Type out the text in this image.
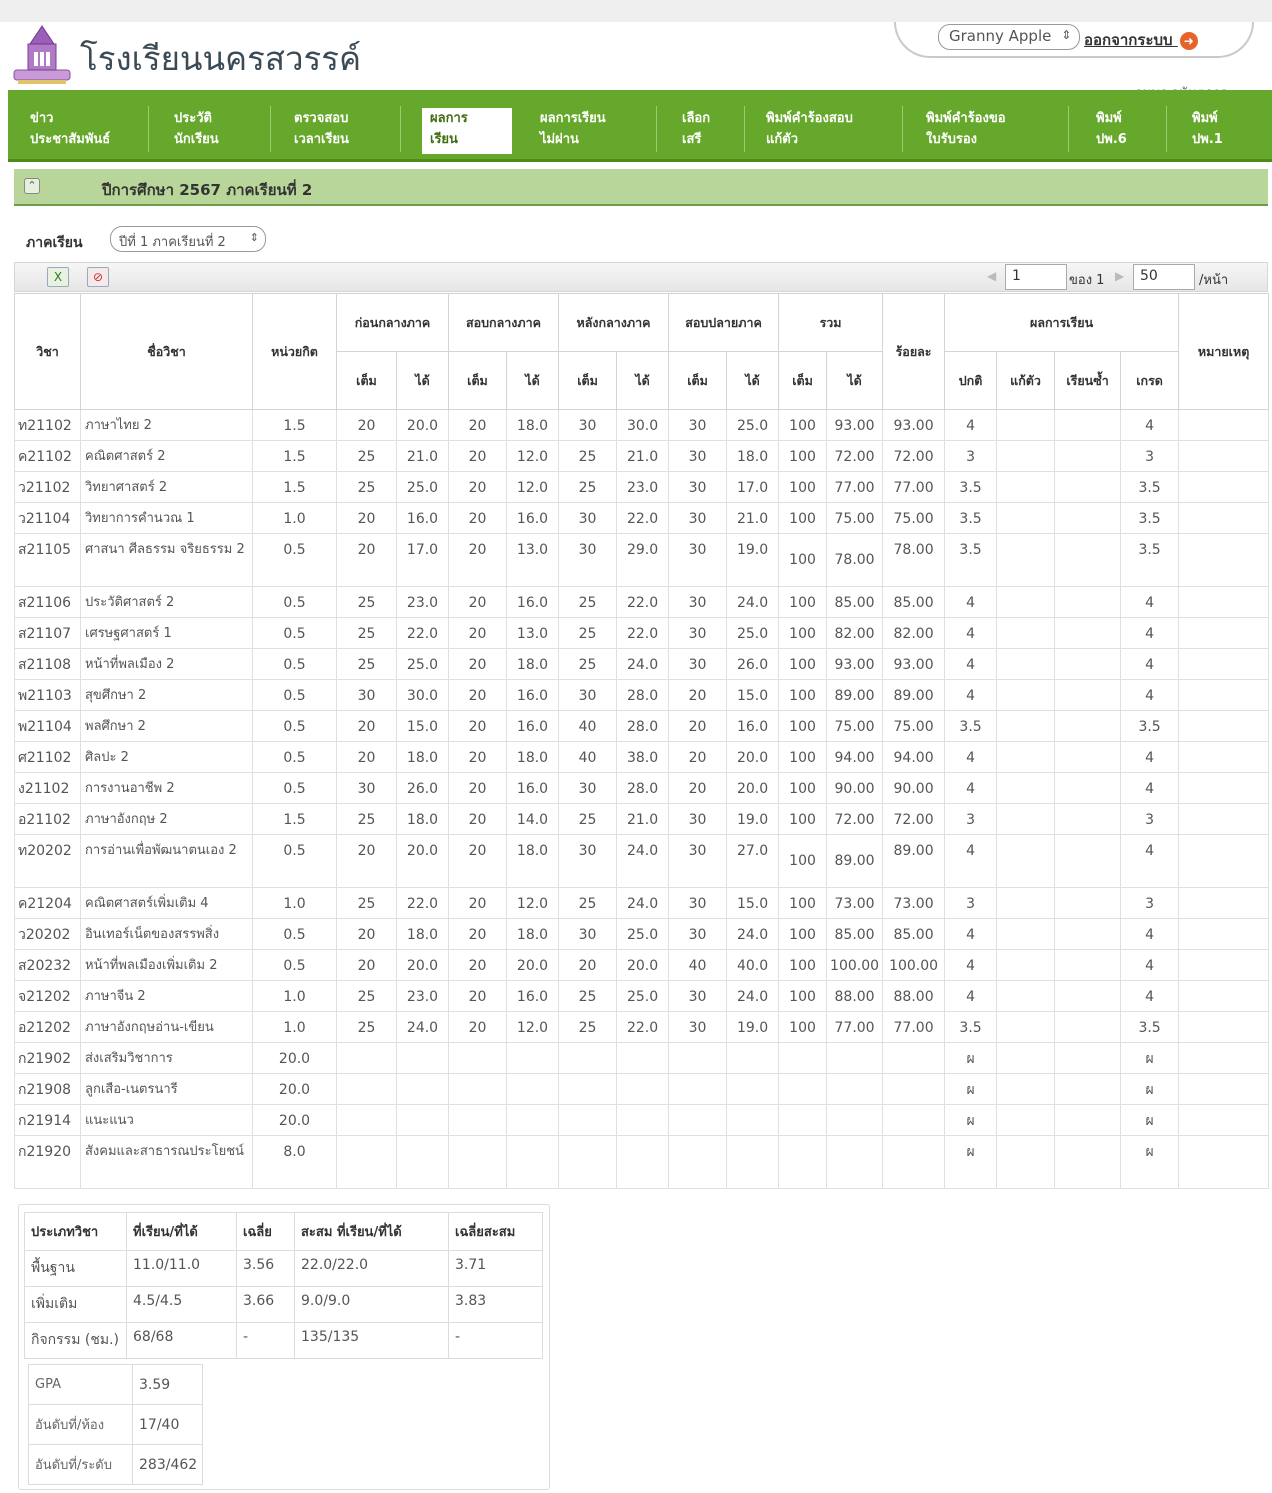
โรงเรียนนครสวรรค์
Granny Apple ⇕ ออกจากระบบ ➜
ข่าว
ประชาสัมพันธ์
ประวัติ
นักเรียน
ตรวจสอบ
เวลาเรียน
ผลการ
เรียน
ผลการเรียน
ไม่ผ่าน
เลือก
เสรี
พิมพ์คำร้องสอบ
แก้ตัว
พิมพ์คำร้องขอ
ใบรับรอง
พิมพ์
ปพ.6
พิมพ์
ปพ.1
⌃	ปีการศึกษา 2567 ภาคเรียนที่ 2
ภาคเรียน	ปีที่ 1 ภาคเรียนที่ 2 ⇕
X	⊘	◀	1	ของ 1 ▶	50	/หน้า
วิชา	ชื่อวิชา	หน่วยกิต	ก่อนกลางภาค		สอบกลางภาค		หลังกลางภาค		สอบปลายภาค		รวม		ร้อยละ	ผลการเรียน				หมายเหตุ
			เต็ม	ได้	เต็ม	ได้	เต็ม	ได้	เต็ม	ได้	เต็ม	ได้		ปกติ	แก้ตัว	เรียนซ้ำ	เกรด	
ท21102	ภาษาไทย 2	1.5	20	20.0	20	18.0	30	30.0	30	25.0	100	93.00	93.00	4			4	
ค21102	คณิตศาสตร์ 2	1.5	25	21.0	20	12.0	25	21.0	30	18.0	100	72.00	72.00	3			3	
ว21102	วิทยาศาสตร์ 2	1.5	25	25.0	20	12.0	25	23.0	30	17.0	100	77.00	77.00	3.5			3.5	
ว21104	วิทยาการคำนวณ 1	1.0	20	16.0	20	16.0	30	22.0	30	21.0	100	75.00	75.00	3.5			3.5	
ส21105	ศาสนา ศีลธรรม จริยธรรม 2	0.5	20	17.0	20	13.0	30	29.0	30	19.0	100	78.00	78.00	3.5			3.5	
ส21106	ประวัติศาสตร์ 2	0.5	25	23.0	20	16.0	25	22.0	30	24.0	100	85.00	85.00	4			4	
ส21107	เศรษฐศาสตร์ 1	0.5	25	22.0	20	13.0	25	22.0	30	25.0	100	82.00	82.00	4			4	
ส21108	หน้าที่พลเมือง 2	0.5	25	25.0	20	18.0	25	24.0	30	26.0	100	93.00	93.00	4			4	
พ21103	สุขศึกษา 2	0.5	30	30.0	20	16.0	30	28.0	20	15.0	100	89.00	89.00	4			4	
พ21104	พลศึกษา 2	0.5	20	15.0	20	16.0	40	28.0	20	16.0	100	75.00	75.00	3.5			3.5	
ศ21102	ศิลปะ 2	0.5	20	18.0	20	18.0	40	38.0	20	20.0	100	94.00	94.00	4			4	
ง21102	การงานอาชีพ 2	0.5	30	26.0	20	16.0	30	28.0	20	20.0	100	90.00	90.00	4			4	
อ21102	ภาษาอังกฤษ 2	1.5	25	18.0	20	14.0	25	21.0	30	19.0	100	72.00	72.00	3			3	
ท20202	การอ่านเพื่อพัฒนาตนเอง 2	0.5	20	20.0	20	18.0	30	24.0	30	27.0	100	89.00	89.00	4			4	
ค21204	คณิตศาสตร์เพิ่มเติม 4	1.0	25	22.0	20	12.0	25	24.0	30	15.0	100	73.00	73.00	3			3	
ว20202	อินเทอร์เน็ตของสรรพสิ่ง	0.5	20	18.0	20	18.0	30	25.0	30	24.0	100	85.00	85.00	4			4	
ส20232	หน้าที่พลเมืองเพิ่มเติม 2	0.5	20	20.0	20	20.0	20	20.0	40	40.0	100	100.00	100.00	4			4	
จ21202	ภาษาจีน 2	1.0	25	23.0	20	16.0	25	25.0	30	24.0	100	88.00	88.00	4			4	
อ21202	ภาษาอังกฤษอ่าน-เขียน	1.0	25	24.0	20	12.0	25	22.0	30	19.0	100	77.00	77.00	3.5			3.5	
ก21902	ส่งเสริมวิชาการ	20.0												ผ			ผ	
ก21908	ลูกเสือ-เนตรนารี	20.0												ผ			ผ	
ก21914	แนะแนว	20.0												ผ			ผ	
ก21920	สังคมและสาธารณประโยชน์	8.0												ผ			ผ	
ประเภทวิชา	ที่เรียน/ที่ได้	เฉลี่ย	สะสม ที่เรียน/ที่ได้	เฉลี่ยสะสม
พื้นฐาน	11.0/11.0	3.56	22.0/22.0	3.71
เพิ่มเติม	4.5/4.5	3.66	9.0/9.0	3.83
กิจกรรม (ชม.)	68/68	-	135/135	-
GPA	3.59
อันดับที่/ห้อง	17/40
อันดับที่/ระดับ	283/462
